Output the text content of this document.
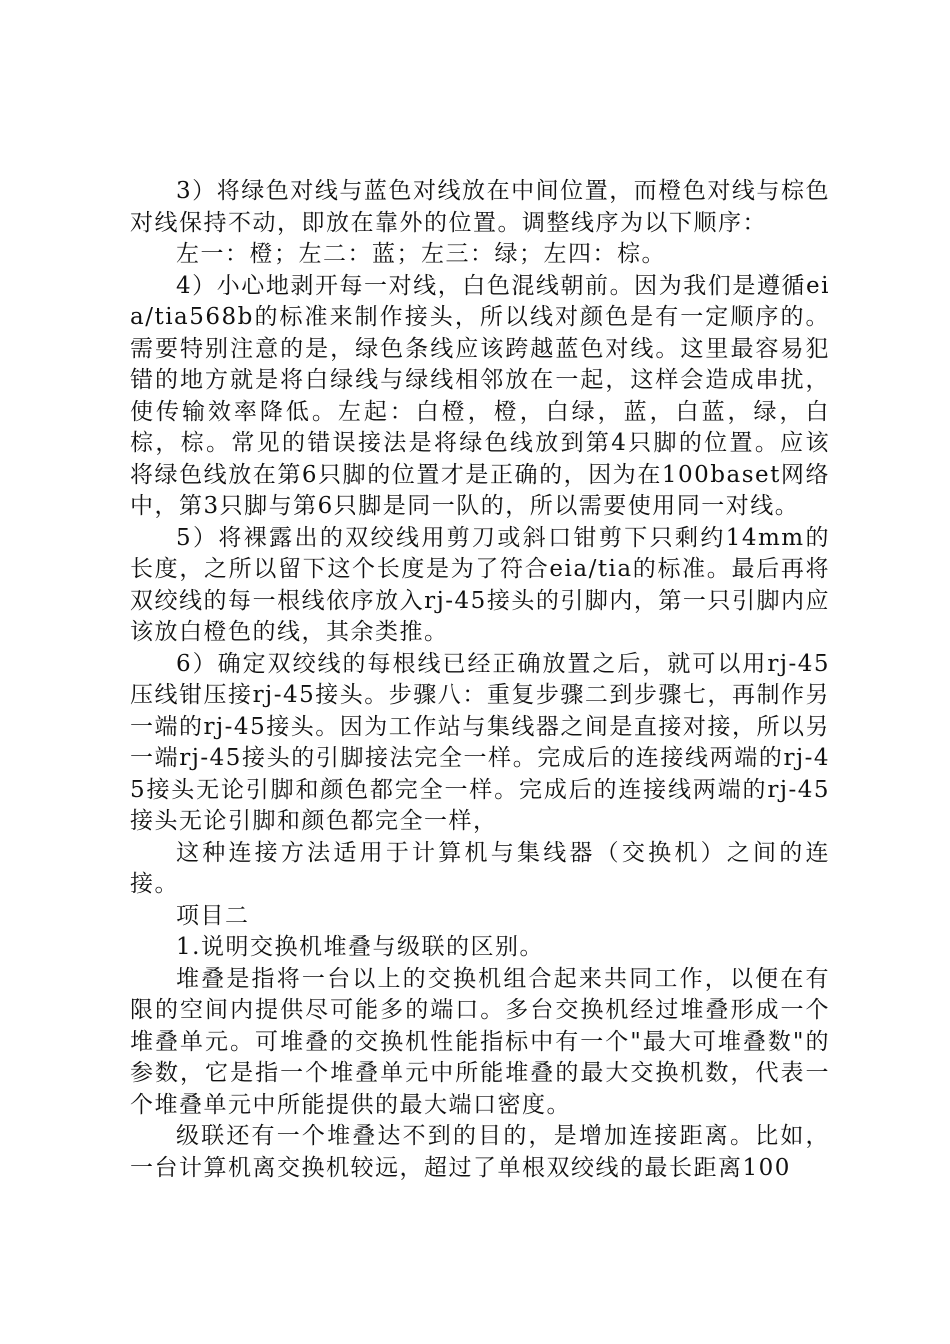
3）将绿色对线与蓝色对线放在中间位置，而橙色对线与棕色对线保持不动，即放在靠外的位置。调整线序为以下顺序：

左一：橙；左二：蓝；左三：绿；左四：棕。

4）小心地剥开每一对线，白色混线朝前。因为我们是遵循eia/tia568b的标准来制作接头，所以线对颜色是有一定顺序的。需要特别注意的是，绿色条线应该跨越蓝色对线。这里最容易犯错的地方就是将白绿线与绿线相邻放在一起，这样会造成串扰，使传输效率降低。左起：白橙，橙，白绿，蓝，白蓝，绿，白棕，棕。常见的错误接法是将绿色线放到第4只脚的位置。应该将绿色线放在第6只脚的位置才是正确的，因为在100baset网络中，第3只脚与第6只脚是同一队的，所以需要使用同一对线。

5）将裸露出的双绞线用剪刀或斜口钳剪下只剩约14mm的长度，之所以留下这个长度是为了符合eia/tia的标准。最后再将双绞线的每一根线依序放入rj-45接头的引脚内，第一只引脚内应该放白橙色的线，其余类推。

6）确定双绞线的每根线已经正确放置之后，就可以用rj-45压线钳压接rj-45接头。步骤八：重复步骤二到步骤七，再制作另一端的rj-45接头。因为工作站与集线器之间是直接对接，所以另一端rj-45接头的引脚接法完全一样。完成后的连接线两端的rj-45接头无论引脚和颜色都完全一样。完成后的连接线两端的rj-45接头无论引脚和颜色都完全一样，

这种连接方法适用于计算机与集线器（交换机）之间的连接。

项目二

1.说明交换机堆叠与级联的区别。

堆叠是指将一台以上的交换机组合起来共同工作，以便在有限的空间内提供尽可能多的端口。多台交换机经过堆叠形成一个堆叠单元。可堆叠的交换机性能指标中有一个"最大可堆叠数"的参数，它是指一个堆叠单元中所能堆叠的最大交换机数，代表一个堆叠单元中所能提供的最大端口密度。

级联还有一个堆叠达不到的目的，是增加连接距离。比如，一台计算机离交换机较远，超过了单根双绞线的最长距离100
